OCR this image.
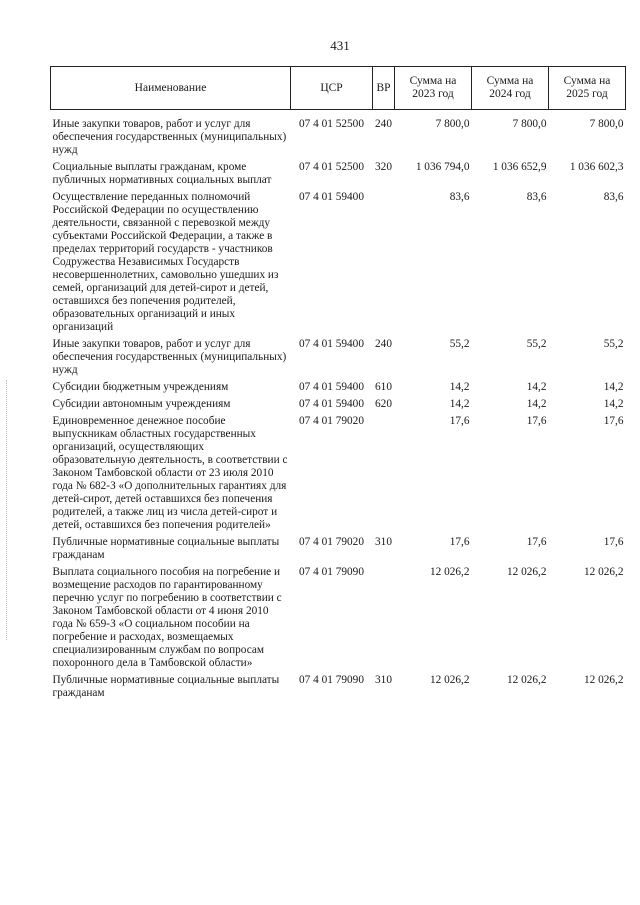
431
Наименование	ЦСР	ВР	Сумма на 2023 год	Сумма на 2024 год	Сумма на 2025 год
Иные закупки товаров, работ и услуг для обеспечения государственных (муниципальных) нужд	07 4 01 52500	240	7 800,0	7 800,0	7 800,0
Социальные выплаты гражданам, кроме публичных нормативных социальных выплат	07 4 01 52500	320	1 036 794,0	1 036 652,9	1 036 602,3
Осуществление переданных полномочий Российской Федерации по осуществлению деятельности, связанной с перевозкой между субъектами Российской Федерации, а также в пределах территорий государств - участников Содружества Независимых Государств несовершеннолетних, самовольно ушедших из семей, организаций для детей-сирот и детей, оставшихся без попечения родителей, образовательных организаций и иных организаций	07 4 01 59400		83,6	83,6	83,6
Иные закупки товаров, работ и услуг для обеспечения государственных (муниципальных) нужд	07 4 01 59400	240	55,2	55,2	55,2
Субсидии бюджетным учреждениям	07 4 01 59400	610	14,2	14,2	14,2
Субсидии автономным учреждениям	07 4 01 59400	620	14,2	14,2	14,2
Единовременное денежное пособие выпускникам областных государственных организаций, осуществляющих образовательную деятельность, в соответствии с Законом Тамбовской области от 23 июля 2010 года № 682-З «О дополнительных гарантиях для детей-сирот, детей оставшихся без попечения родителей, а также лиц из числа детей-сирот и детей, оставшихся без попечения родителей»	07 4 01 79020		17,6	17,6	17,6
Публичные нормативные социальные выплаты гражданам	07 4 01 79020	310	17,6	17,6	17,6
Выплата социального пособия на погребение и возмещение расходов по гарантированному перечню услуг по погребению в соответствии с Законом Тамбовской области от 4 июня 2010 года № 659-З «О социальном пособии на погребение и расходах, возмещаемых специализированным службам по вопросам похоронного дела в Тамбовской области»	07 4 01 79090		12 026,2	12 026,2	12 026,2
Публичные нормативные социальные выплаты гражданам	07 4 01 79090	310	12 026,2	12 026,2	12 026,2
